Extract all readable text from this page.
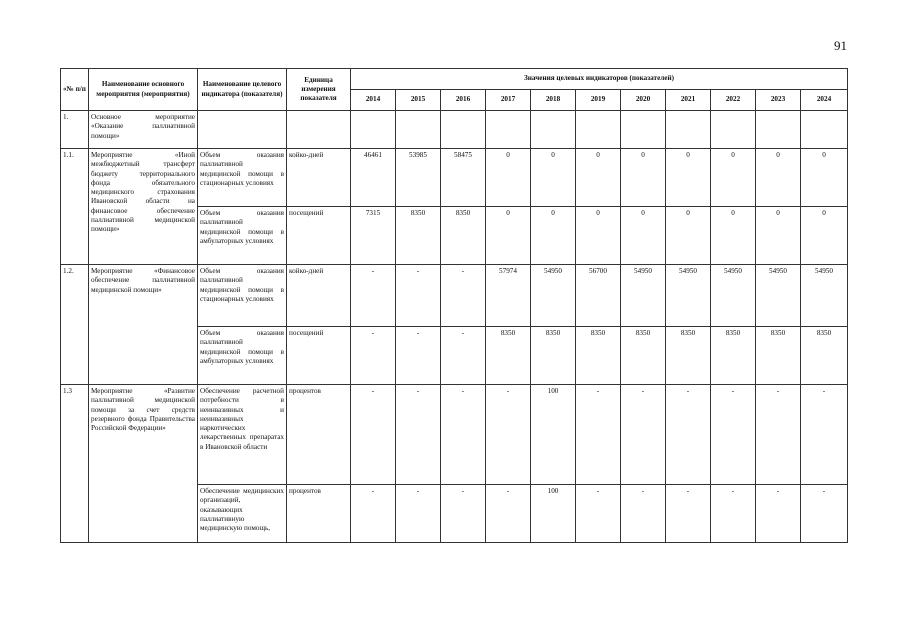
91
«№ п/п	Наименование основного мероприятия (мероприятия)	Наименование целевого индикатора (показателя)	Единица измерения показателя	Значения целевых индикаторов (показателей)										
				2014	2015	2016	2017	2018	2019	2020	2021	2022	2023	2024
1.	Основное мероприятие «Оказание паллиативной помощи»													
1.1.	Мероприятие «Иной межбюджетный трансферт бюджету территориального фонда обязательного медицинского страхования Ивановской области на финансовое обеспечение паллиативной медицинской помощи»	Объем оказания паллиативной медицинской помощи в стационарных условиях	койко-дней	46461	53985	58475	0	0	0	0	0	0	0	0
		Объем оказания паллиативной медицинской помощи в амбулаторных условиях	посещений	7315	8350	8350	0	0	0	0	0	0	0	0
1.2.	Мероприятие «Финансовое обеспечение паллиативной медицинской помощи»	Объем оказания паллиативной медицинской помощи в стационарных условиях	койко-дней	-	-	-	57974	54950	56700	54950	54950	54950	54950	54950
		Объем оказания паллиативной медицинской помощи в амбулаторных условиях	посещений	-	-	-	8350	8350	8350	8350	8350	8350	8350	8350
1.3	Мероприятие «Развитие паллиативной медицинской помощи за счет средств резервного фонда Правительства Российской Федерации»	Обеспечение расчетной потребности в неинвазивных и неинвазивных наркотических лекарственных препаратах в Ивановской области	процентов	-	-	-	-	100	-	-	-	-	-	-
		Обеспечение медицинских организаций, оказывающих паллиативную медицинскую помощь,	процентов	-	-	-	-	100	-	-	-	-	-	-
